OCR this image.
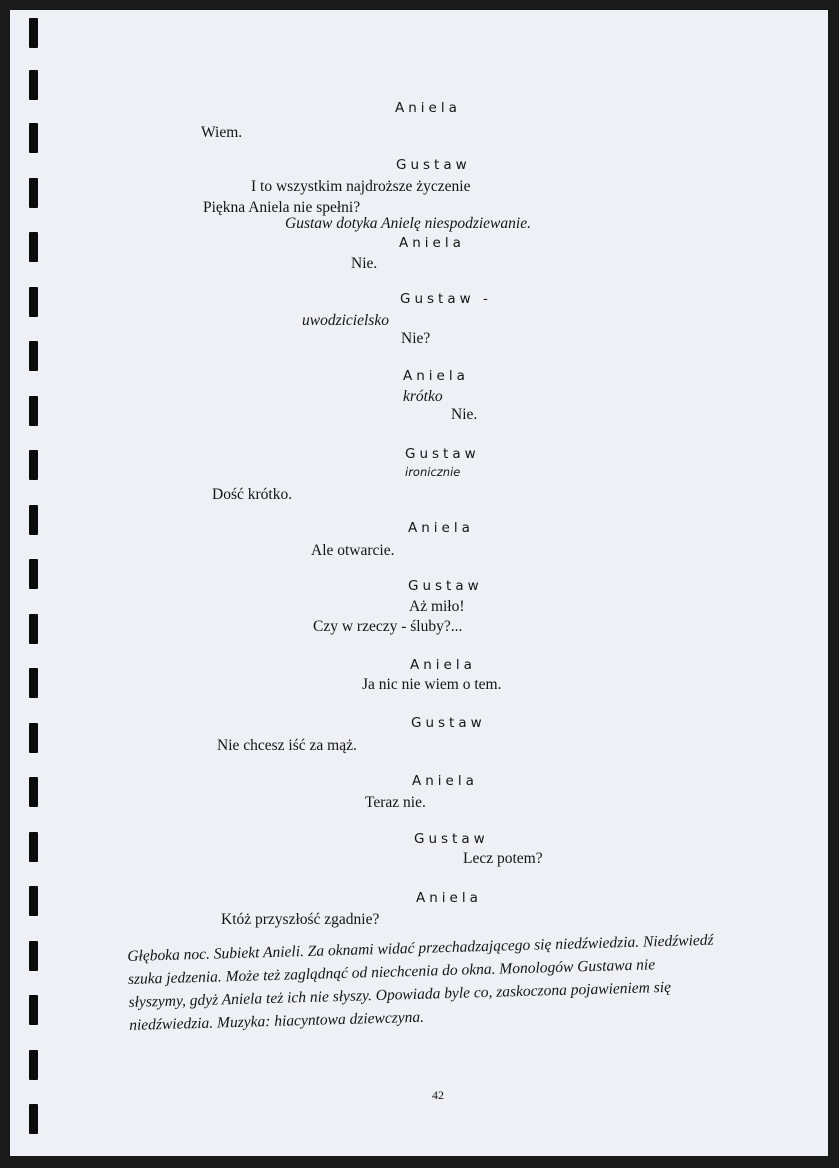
Aniela
Wiem.
Gustaw
I to wszystkim najdroższe życzenie
Piękna Aniela nie spełni?
Gustaw dotyka Anielę niespodziewanie.
Aniela
Nie.
Gustaw -
uwodzicielsko
Nie?
Aniela
krótko
Nie.
Gustaw
ironicznie
Dość krótko.
Aniela
Ale otwarcie.
Gustaw
Aż miło!
Czy w rzeczy - śluby?...
Aniela
Ja nic nie wiem o tem.
Gustaw
Nie chcesz iść za mąż.
Aniela
Teraz nie.
Gustaw
Lecz potem?
Aniela
Któż przyszłość zgadnie?
Głęboka noc. Subiekt Anieli. Za oknami widać przechadzającego się niedźwiedzia. Niedźwiedź
szuka jedzenia. Może też zaglądnąć od niechcenia do okna. Monologów Gustawa nie
słyszymy, gdyż Aniela też ich nie słyszy. Opowiada byle co, zaskoczona pojawieniem się
niedźwiedzia. Muzyka: hiacyntowa dziewczyna.
42
